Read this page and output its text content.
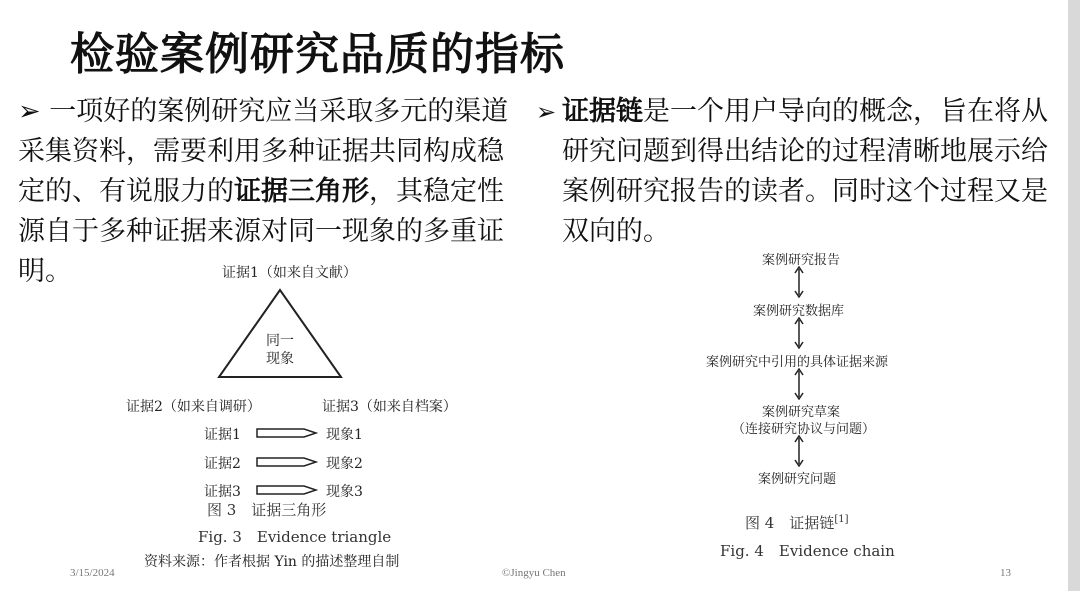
检验案例研究品质的指标
➢ 一项好的案例研究应当采取多元的渠道采集资料，需要利用多种证据共同构成稳定的、有说服力的证据三角形，其稳定性源自于多种证据来源对同一现象的多重证明。
➢ 证据链是一个用户导向的概念，旨在将从研究问题到得出结论的过程清晰地展示给案例研究报告的读者。同时这个过程又是双向的。
证据1（如来自文献）
同一
现象
证据2（如来自调研）	证据3（如来自档案）
证据1	现象1
证据2	现象2
证据3	现象3
图 3　证据三角形
Fig. 3　Evidence triangle
资料来源：作者根据 Yin 的描述整理自制
案例研究报告
案例研究数据库
案例研究中引用的具体证据来源
案例研究草案
（连接研究协议与问题）
案例研究问题
图 4　证据链[1]
Fig. 4　Evidence chain
3/15/2024	©Jingyu Chen	13
